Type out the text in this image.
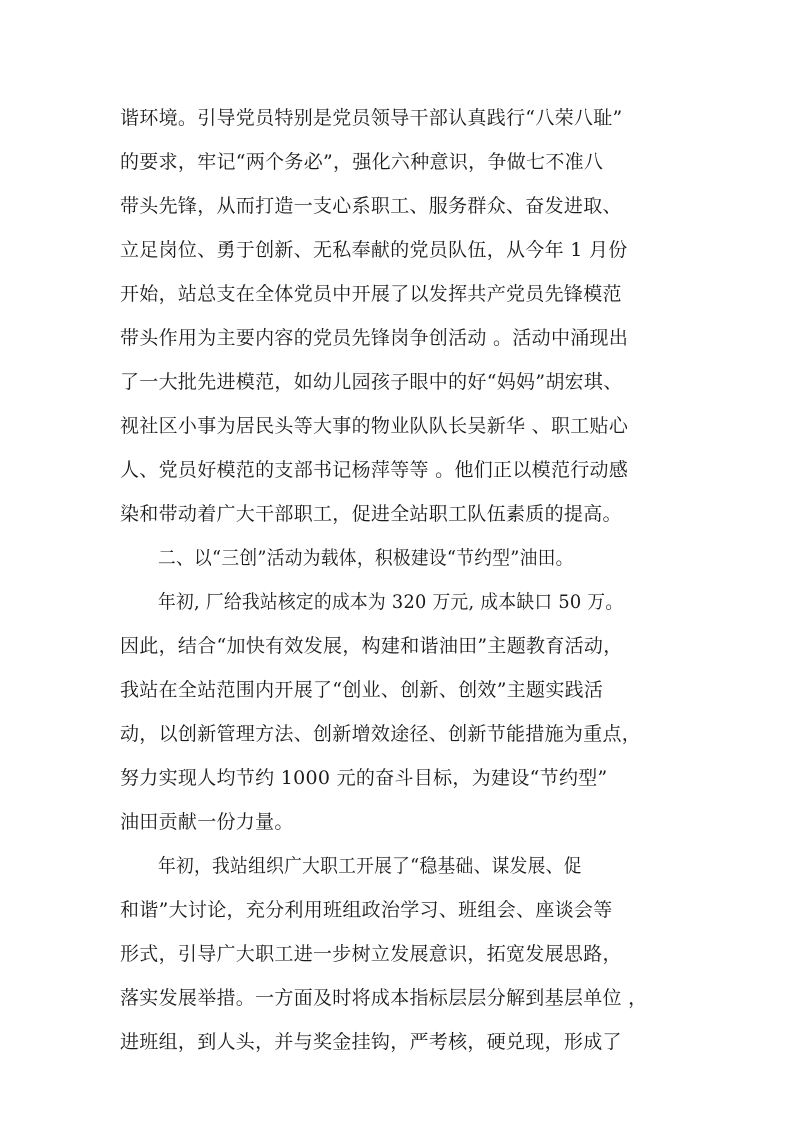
谐环境。引导党员特别是党员领导干部认真践行“八荣八耻”
的要求，牢记“两个务必”，强化六种意识，争做七不准八
带头先锋，从而打造一支心系职工、服务群众、奋发进取、
立足岗位、勇于创新、无私奉献的党员队伍，从今年 1 月份
开始，站总支在全体党员中开展了以发挥共产党员先锋模范
带头作用为主要内容的党员先锋岗争创活动 。活动中涌现出
了一大批先进模范，如幼儿园孩子眼中的好“妈妈”胡宏琪、
视社区小事为居民头等大事的物业队队长吴新华 、职工贴心
人、党员好模范的支部书记杨萍等等 。他们正以模范行动感
染和带动着广大干部职工，促进全站职工队伍素质的提高。
二、以“三创”活动为载体，积极建设“节约型”油田。
年初, 厂给我站核定的成本为 320 万元, 成本缺口 50 万。
因此，结合“加快有效发展，构建和谐油田”主题教育活动，
我站在全站范围内开展了“创业、创新、创效”主题实践活
动，以创新管理方法、创新增效途径、创新节能措施为重点，
努力实现人均节约 1000 元的奋斗目标，为建设“节约型”
油田贡献一份力量。
年初，我站组织广大职工开展了“稳基础、谋发展、促
和谐”大讨论，充分利用班组政治学习、班组会、座谈会等
形式，引导广大职工进一步树立发展意识，拓宽发展思路，
落实发展举措。一方面及时将成本指标层层分解到基层单位 ，
进班组，到人头，并与奖金挂钩，严考核，硬兑现，形成了
